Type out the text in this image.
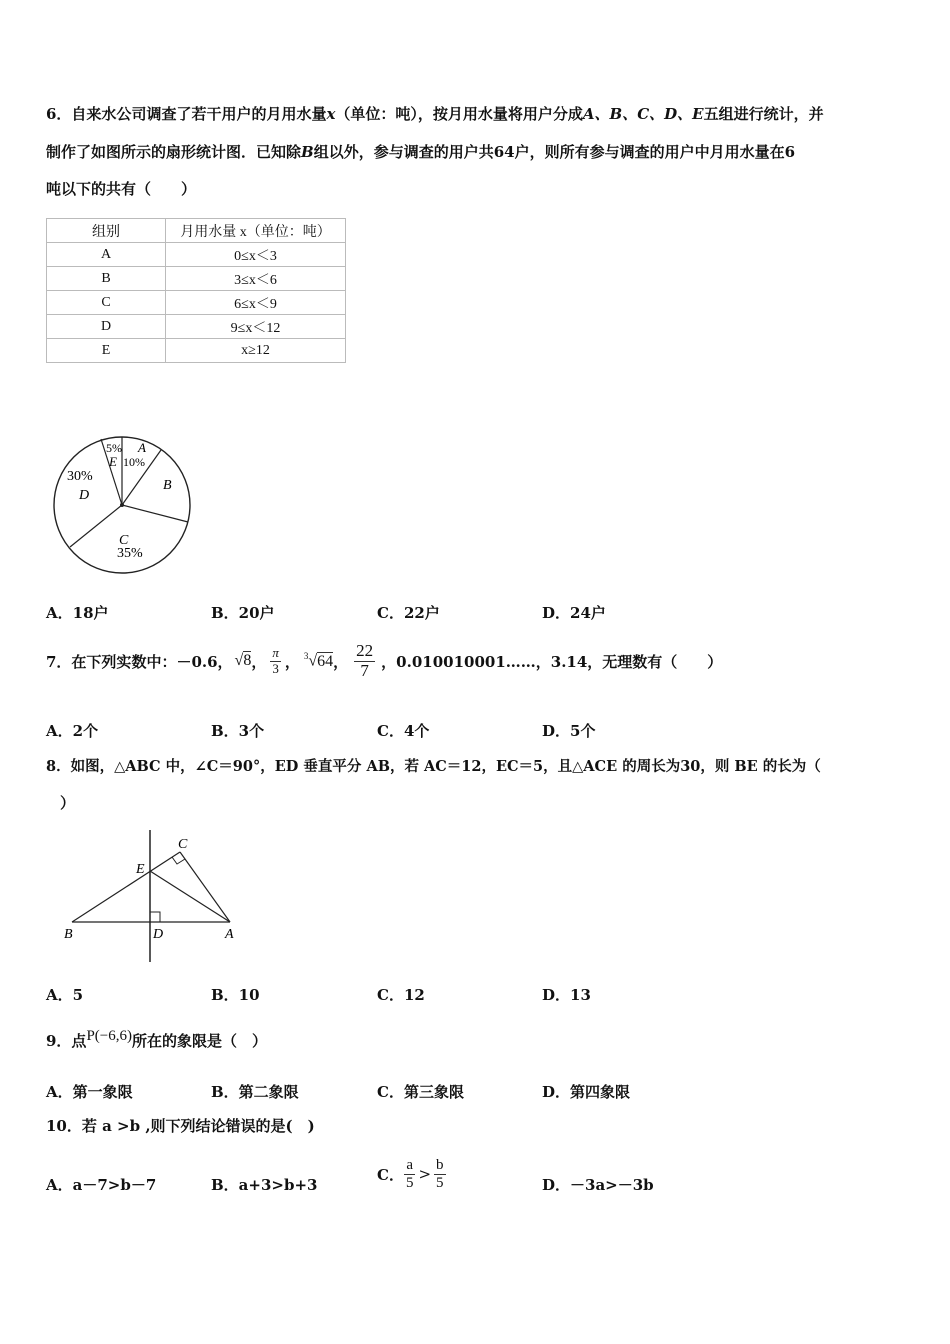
6．自来水公司调查了若干用户的月用水量x（单位：吨），按月用水量将用户分成A、B、C、D、E五组进行统计，并
制作了如图所示的扇形统计图．已知除B组以外，参与调查的用户共64户，则所有参与调查的用户中月用水量在6
吨以下的共有（　　）
组别	月用水量 x（单位：吨）
A	0≤x＜3
B	3≤x＜6
C	6≤x＜9
D	9≤x＜12
E	x≥12
5%
E
A
10%
B
30%
D
C
35%
A．18户	B．20户	C．22户	D．24户
7．在下列实数中：－0.6， √8 ， $\frac{\pi}{3}$ ， $^3$√64 ， $\frac{22}{7}$ ，0.010010001……，3.14，无理数有（　　）
A．2个	B．3个	C．4个	D．5个
8．如图，△ABC 中，∠C＝90°，ED 垂直平分 AB，若 AC＝12，EC＝5，且△ACE 的周长为30，则 BE 的长为（
）
C
E
B	D	A
A．5	B．10	C．12	D．13
9．点P(−6,6)所在的象限是（　）
A．第一象限	B．第二象限	C．第三象限	D．第四象限
10．若 a >b ,则下列结论错误的是(　)
A．a－7>b－7	B．a+3>b+3
C． $\frac{a}{5} > \frac{b}{5}$	D．－3a>－3b
